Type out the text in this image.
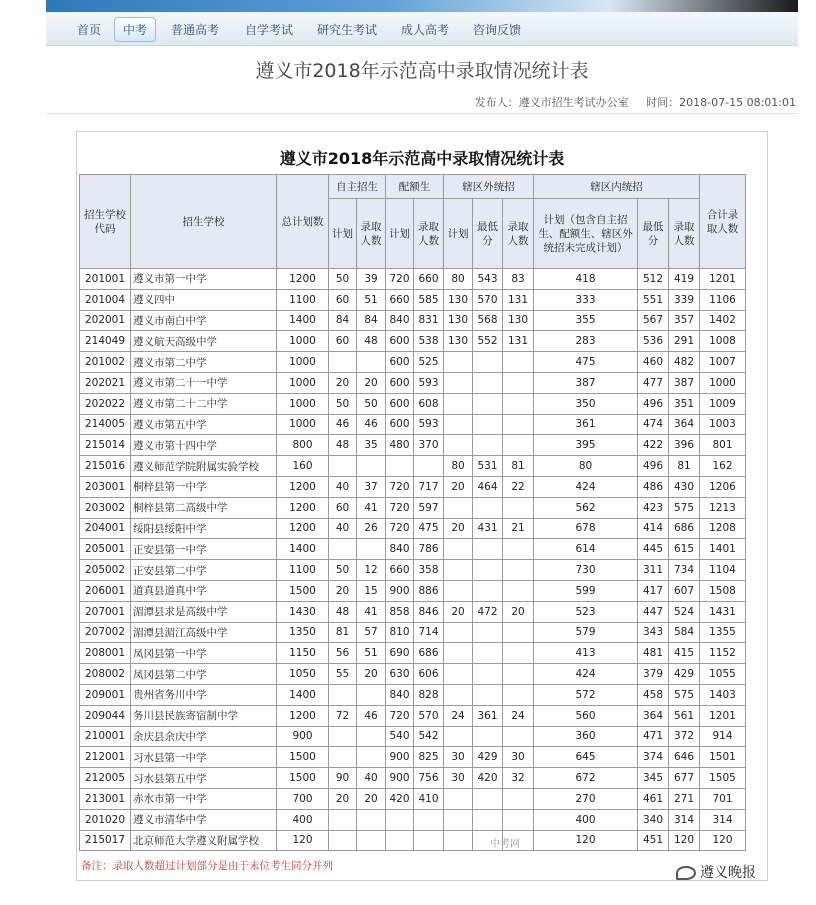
首页	中考	普通高考 自学考试 研究生考试 成人高考 咨询反馈
遵义市2018年示范高中录取情况统计表
发布人：遵义市招生考试办公室 时间：2018-07-15 08:01:01
遵义市2018年示范高中录取情况统计表
招生学校代码	招生学校	总计划数	自主招生		配额生		辖区外统招			辖区内统招			合计录取人数
			计划	录取人数	计划	录取人数	计划	最低分	录取人数	计划（包含自主招生、配额生、辖区外统招未完成计划）	最低分	录取人数	
201001	遵义市第一中学	1200	50	39	720	660	80	543	83	418	512	419	1201
201004	遵义四中	1100	60	51	660	585	130	570	131	333	551	339	1106
202001	遵义市南白中学	1400	84	84	840	831	130	568	130	355	567	357	1402
214049	遵义航天高级中学	1000	60	48	600	538	130	552	131	283	536	291	1008
201002	遵义市第二中学	1000			600	525				475	460	482	1007
202021	遵义市第二十一中学	1000	20	20	600	593				387	477	387	1000
202022	遵义市第二十二中学	1000	50	50	600	608				350	496	351	1009
214005	遵义市第五中学	1000	46	46	600	593				361	474	364	1003
215014	遵义市第十四中学	800	48	35	480	370				395	422	396	801
215016	遵义师范学院附属实验学校	160					80	531	81	80	496	81	162
203001	桐梓县第一中学	1200	40	37	720	717	20	464	22	424	486	430	1206
203002	桐梓县第二高级中学	1200	60	41	720	597				562	423	575	1213
204001	绥阳县绥阳中学	1200	40	26	720	475	20	431	21	678	414	686	1208
205001	正安县第一中学	1400			840	786				614	445	615	1401
205002	正安县第二中学	1100	50	12	660	358				730	311	734	1104
206001	道真县道真中学	1500	20	15	900	886				599	417	607	1508
207001	湄潭县求是高级中学	1430	48	41	858	846	20	472	20	523	447	524	1431
207002	湄潭县湄江高级中学	1350	81	57	810	714				579	343	584	1355
208001	凤冈县第一中学	1150	56	51	690	686				413	481	415	1152
208002	凤冈县第二中学	1050	55	20	630	606				424	379	429	1055
209001	贵州省务川中学	1400			840	828				572	458	575	1403
209044	务川县民族寄宿制中学	1200	72	46	720	570	24	361	24	560	364	561	1201
210001	余庆县余庆中学	900			540	542				360	471	372	914
212001	习水县第一中学	1500			900	825	30	429	30	645	374	646	1501
212005	习水县第五中学	1500	90	40	900	756	30	420	32	672	345	677	1505
213001	赤水市第一中学	700	20	20	420	410				270	461	271	701
201020	遵义市清华中学	400								400	340	314	314
215017	北京师范大学遵义附属学校	120								120	451	120	120
备注：录取人数超过计划部分是由于末位考生同分并列
中考网
遵义晚报
